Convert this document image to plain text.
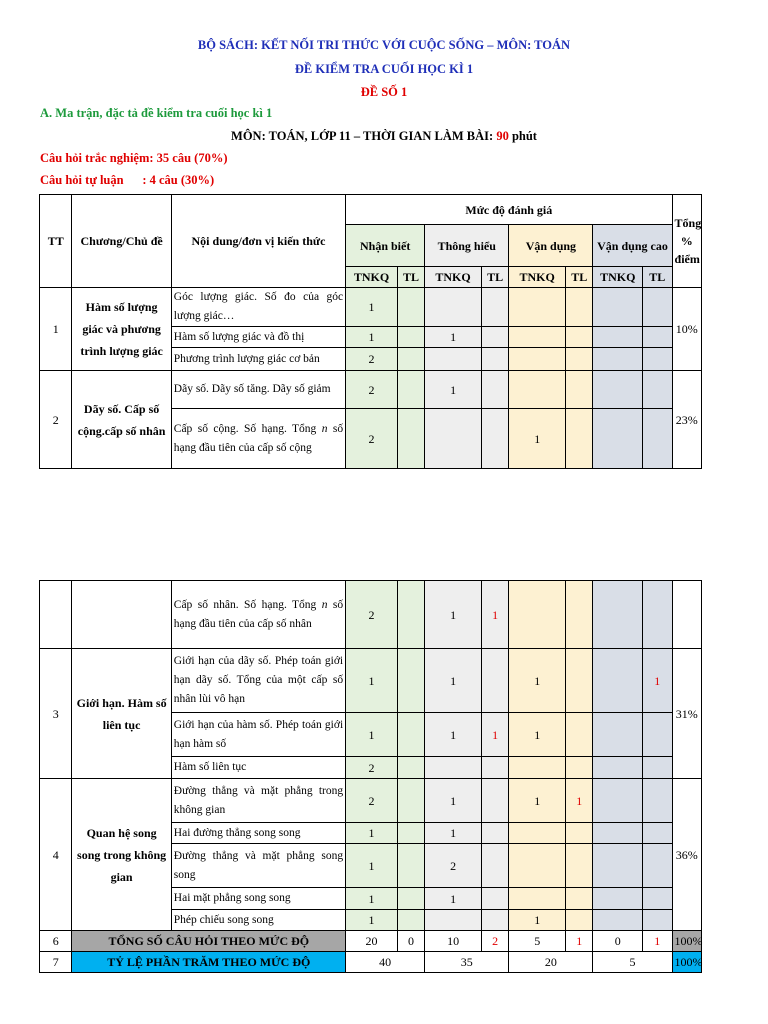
BỘ SÁCH: KẾT NỐI TRI THỨC VỚI CUỘC SỐNG – MÔN: TOÁN
ĐỀ KIỂM TRA CUỐI HỌC KÌ 1
ĐỀ SỐ 1
A. Ma trận, đặc tả đề kiểm tra cuối học kì 1
MÔN: TOÁN, LỚP 11 – THỜI GIAN LÀM BÀI: 90 phút
Câu hỏi trắc nghiệm: 35 câu (70%)
Câu hỏi tự luận      : 4 câu (30%)
TT	Chương/Chủ đề	Nội dung/đơn vị kiến thức	Mức độ đánh giá								Tổng % điểm
			Nhận biết		Thông hiểu		Vận dụng		Vận dụng cao		
			TNKQ	TL	TNKQ	TL	TNKQ	TL	TNKQ	TL	
1	Hàm số lượng giác và phương trình lượng giác	Góc lượng giác. Số đo của góc lượng giác…	1								10%
		Hàm số lượng giác và đồ thị	1		1						
		Phương trình lượng giác cơ bản	2								
2	Dãy số. Cấp số cộng.cấp số nhân	Dãy số. Dãy số tăng. Dãy số giảm	2		1						23%
		Cấp số cộng. Số hạng. Tổng n số hạng đầu tiên của cấp số cộng	2				1				
		Cấp số nhân. Số hạng. Tổng n số hạng đầu tiên của cấp số nhân	2		1	1					
3	Giới hạn. Hàm số liên tục	Giới hạn của dãy số. Phép toán giới hạn dãy số. Tổng của một cấp số nhân lùi vô hạn	1		1		1			1	31%
		Giới hạn của hàm số. Phép toán giới hạn hàm số	1		1	1	1				
		Hàm số liên tục	2								
4	Quan hệ song song trong không gian	Đường thẳng và mặt phẳng trong không gian	2		1		1	1			36%
		Hai đường thẳng song song	1		1						
		Đường thẳng và mặt phẳng song song	1		2						
		Hai mặt phẳng song song	1		1						
		Phép chiếu song song	1				1				
6	TỔNG SỐ CÂU HỎI THEO MỨC ĐỘ		20	0	10	2	5	1	0	1	100%
7	TỶ LỆ PHẦN TRĂM THEO MỨC ĐỘ		40		35		20		5		100%
